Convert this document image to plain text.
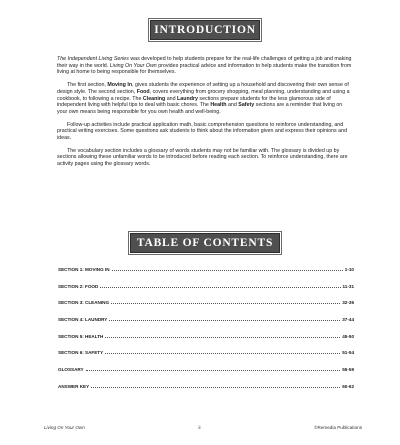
INTRODUCTION

The Independent Living Series was developed to help students prepare for the real-life challenges of getting a job and making their way in the world. Living On Your Own provides practical advice and information to help students make the transition from living at home to being responsible for themselves.

The first section, Moving In, gives students the experience of setting up a household and discovering their own sense of design style. The second section, Food, covers everything from grocery shopping, meal planning, understanding and using a cookbook, to following a recipe. The Cleaning and Laundry sections prepare students for the less glamorous side of independent living with helpful tips to deal with basic chores. The Health and Safety sections are a reminder that living on your own means being responsible for you own health and well-being.

Follow-up activities include practical application math, basic comprehension questions to reinforce understanding, and practical writing exercises. Some questions ask students to think about the information given and express their opinions and ideas.

The vocabulary section includes a glossary of words students may not be familiar with. The glossary is divided up by sections allowing these unfamiliar words to be introduced before reading each section. To reinforce understanding, there are activity pages using the glossary words.

TABLE OF CONTENTS
SECTION 1: MOVING IN	1-10
SECTION 2: FOOD	11-31
SECTION 3: CLEANING	32-36
SECTION 4: LAUNDRY	37-44
SECTION 5: HEALTH	45-50
SECTION 6: SAFETY	51-54
GLOSSARY	55-59
ANSWER KEY	60-62
Living On Your Own	ii	©Remedia Publications
